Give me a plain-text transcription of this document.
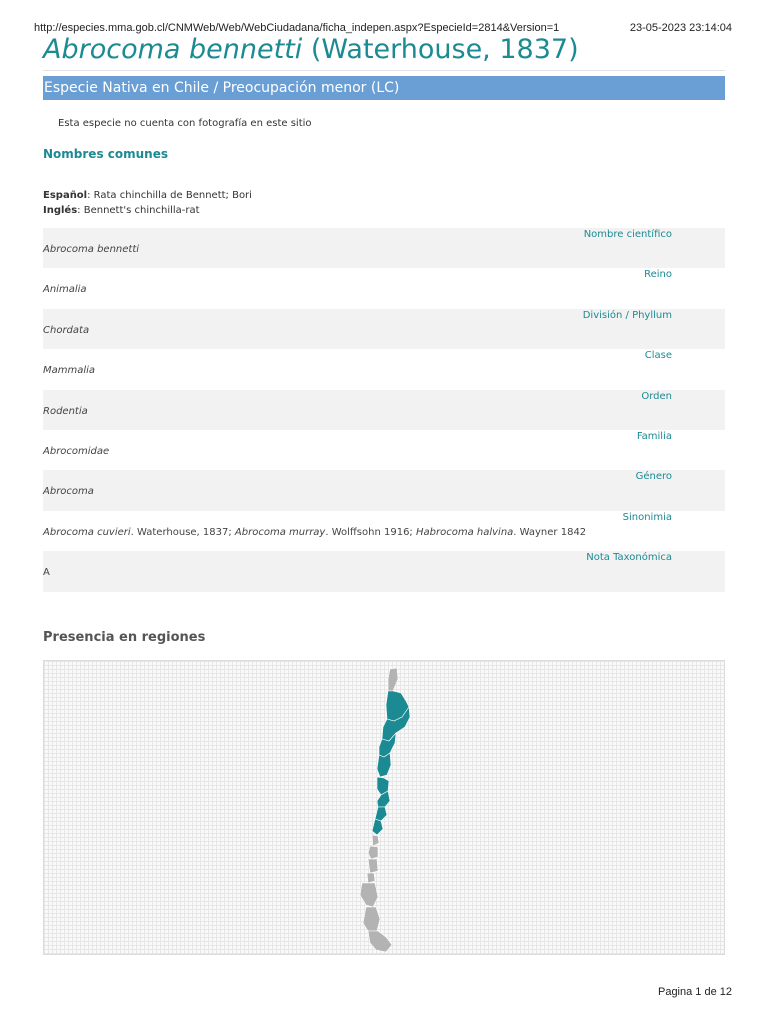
http://especies.mma.gob.cl/CNMWeb/Web/WebCiudadana/ficha_indepen.aspx?EspecieId=2814&Version=1	23-05-2023 23:14:04
Abrocoma bennetti (Waterhouse, 1837)
Especie Nativa en Chile / Preocupación menor (LC)
Esta especie no cuenta con fotografía en este sitio
Nombres comunes
Español: Rata chinchilla de Bennett; Bori
Inglés: Bennett's chinchilla-rat
Nombre científico
Abrocoma bennetti
Reino
Animalia
División / Phyllum
Chordata
Clase
Mammalia
Orden
Rodentia
Familia
Abrocomidae
Género
Abrocoma
Sinonimia
Abrocoma cuvieri. Waterhouse, 1837; Abrocoma murray. Wolffsohn 1916; Habrocoma halvina. Wayner 1842
Nota Taxonómica
A
Presencia en regiones
Pagina 1 de 12
